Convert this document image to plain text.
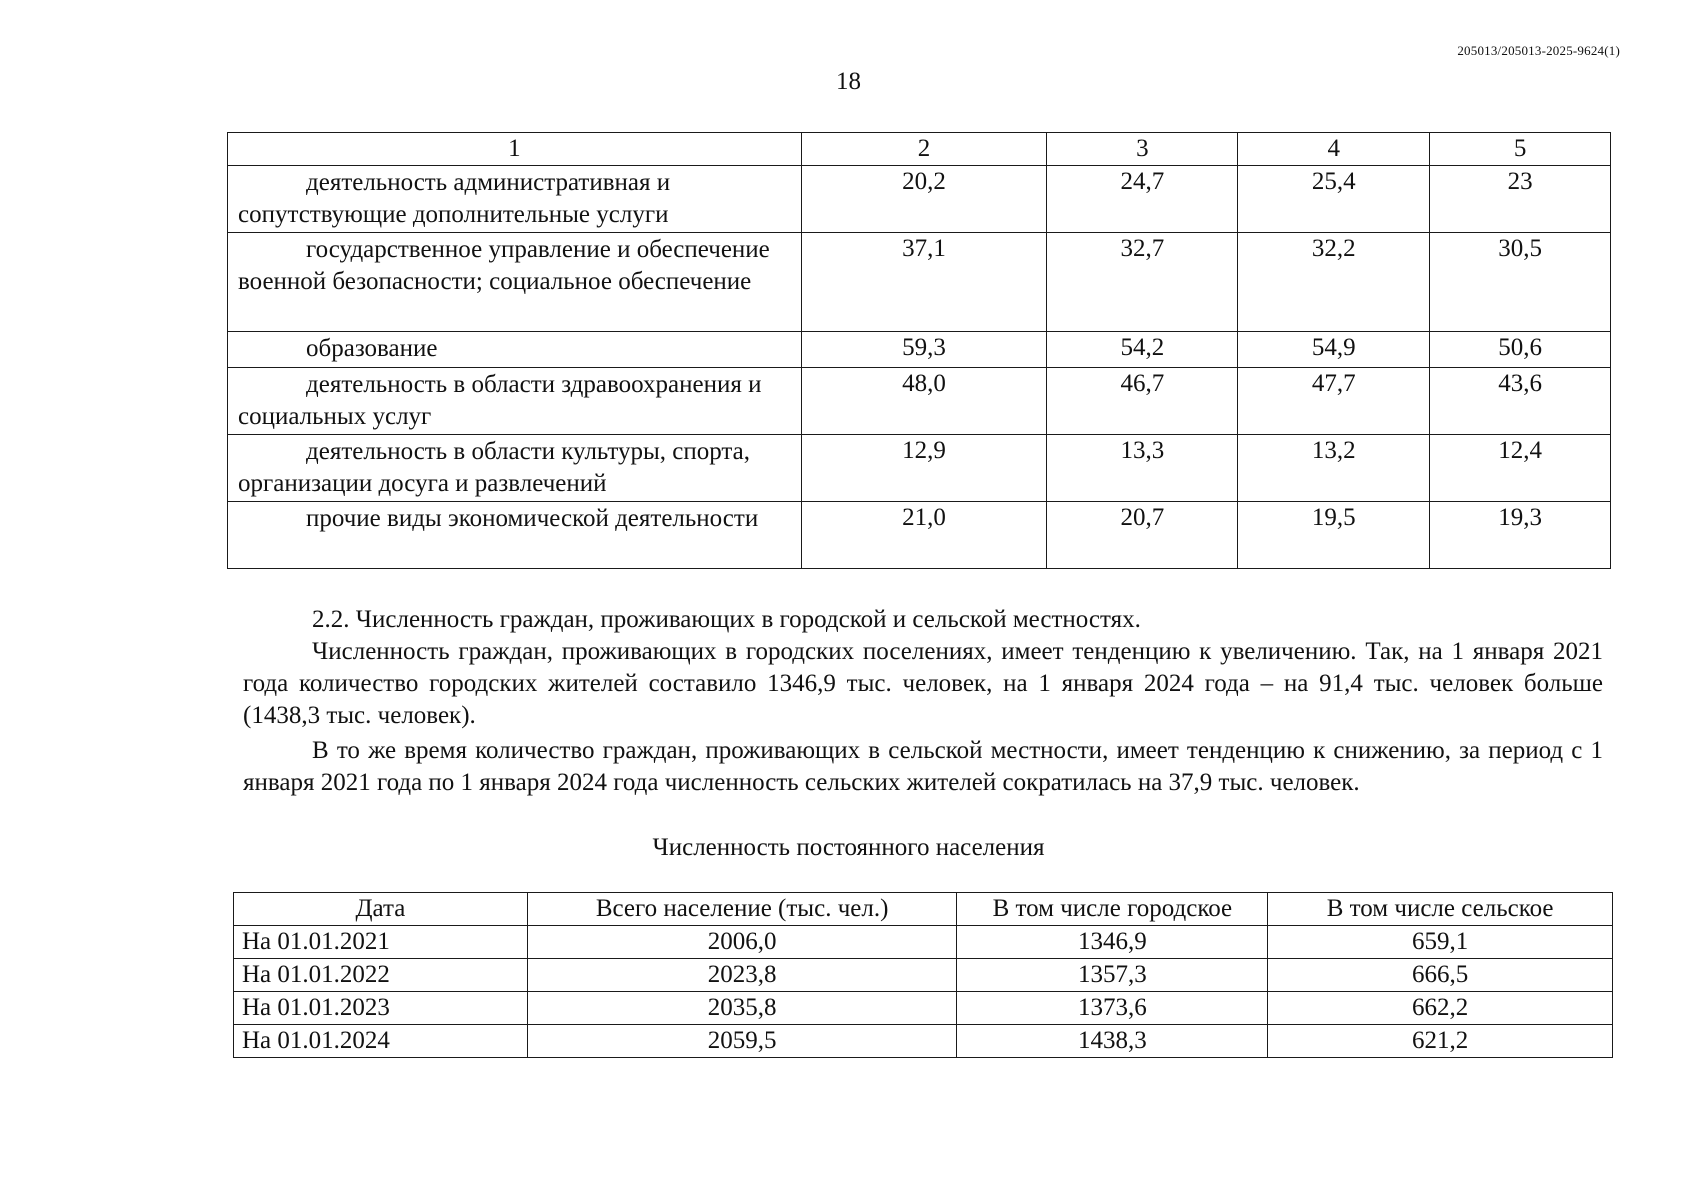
205013/205013-2025-9624(1)
18
1	2	3	4	5
деятельность административная и сопутствующие дополнительные услуги	20,2	24,7	25,4	23
государственное управление и обеспечение военной безопасности; социальное обеспечение	37,1	32,7	32,2	30,5
образование	59,3	54,2	54,9	50,6
деятельность в области здравоохранения и социальных услуг	48,0	46,7	47,7	43,6
деятельность в области культуры, спорта, организации досуга и развлечений	12,9	13,3	13,2	12,4
прочие виды экономической деятельности	21,0	20,7	19,5	19,3
2.2. Численность граждан, проживающих в городской и сельской местностях.
Численность граждан, проживающих в городских поселениях, имеет тенденцию к увеличению. Так, на 1 января 2021 года количество городских жителей составило 1346,9 тыс. человек, на 1 января 2024 года – на 91,4 тыс. человек больше (1438,3 тыс. человек).
В то же время количество граждан, проживающих в сельской местности, имеет тенденцию к снижению, за период с 1 января 2021 года по 1 января 2024 года численность сельских жителей сократилась на 37,9 тыс. человек.
Численность постоянного населения
Дата	Всего население (тыс. чел.)	В том числе городское	В том числе сельское
На 01.01.2021	2006,0	1346,9	659,1
На 01.01.2022	2023,8	1357,3	666,5
На 01.01.2023	2035,8	1373,6	662,2
На 01.01.2024	2059,5	1438,3	621,2
